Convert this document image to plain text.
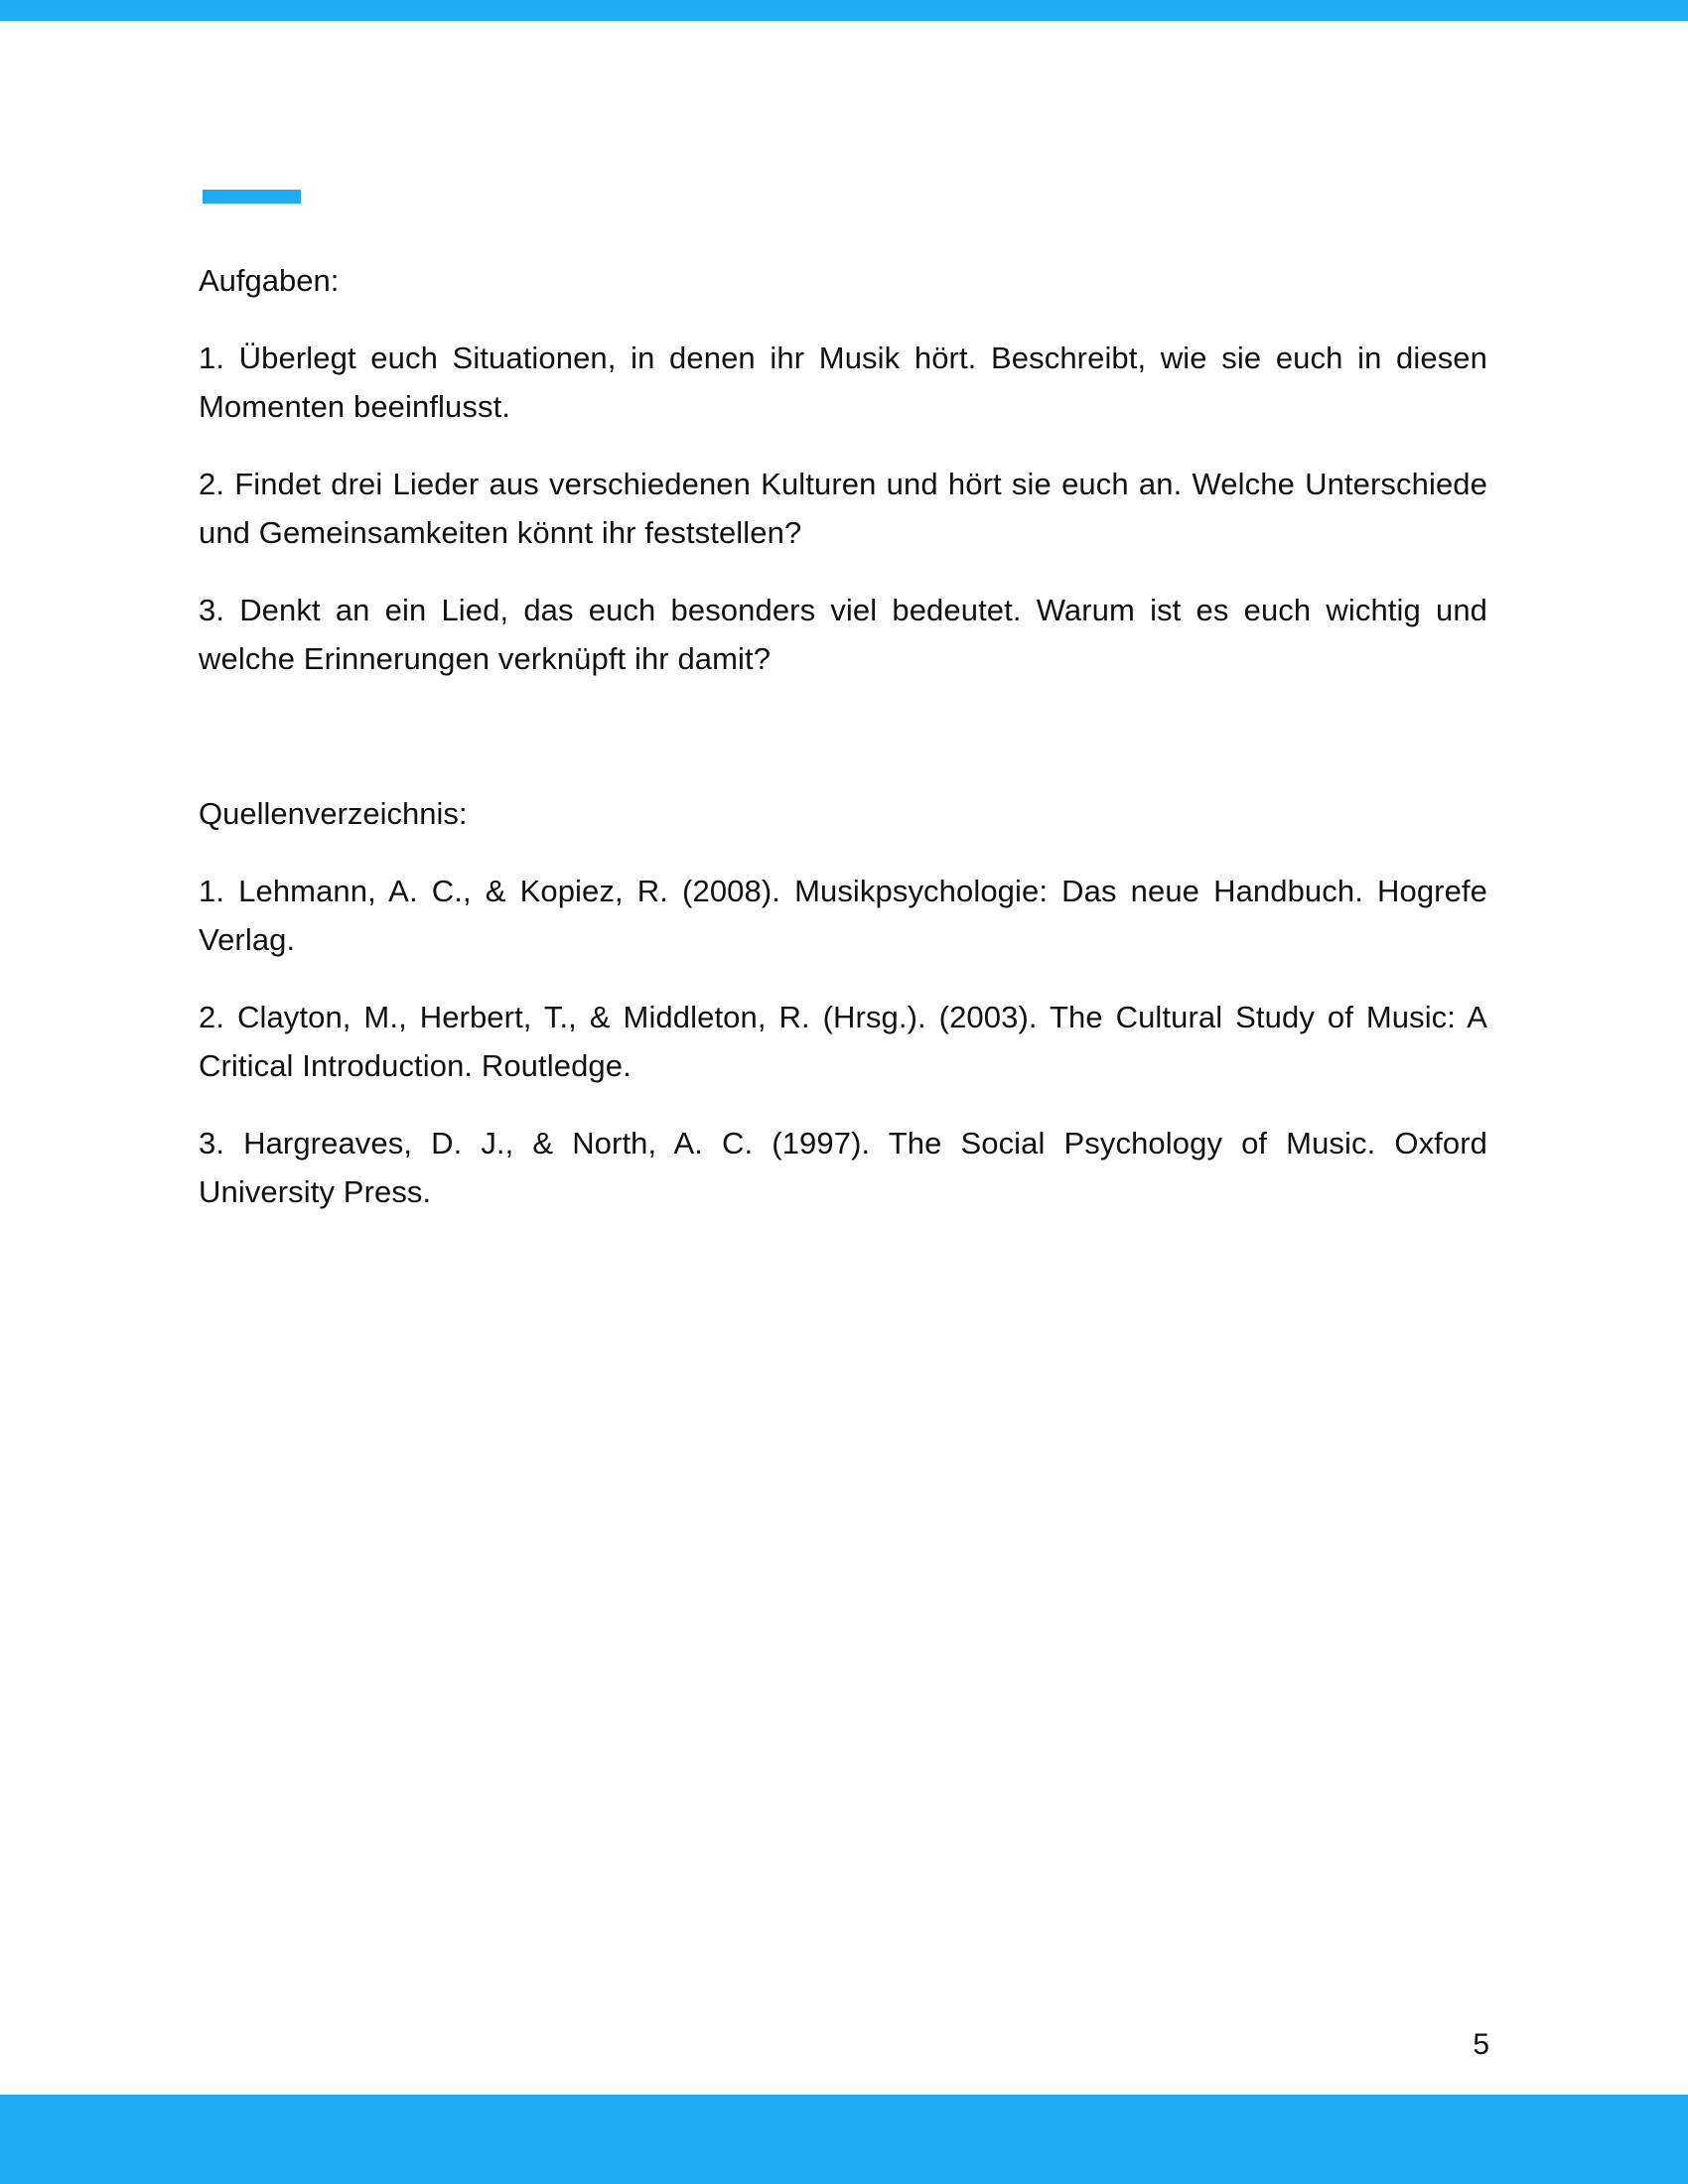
Aufgaben:

1. Überlegt euch Situationen, in denen ihr Musik hört. Beschreibt, wie sie euch in diesen Momenten beeinflusst.

2. Findet drei Lieder aus verschiedenen Kulturen und hört sie euch an. Welche Unterschiede und Gemeinsamkeiten könnt ihr feststellen?

3. Denkt an ein Lied, das euch besonders viel bedeutet. Warum ist es euch wichtig und welche Erinnerungen verknüpft ihr damit?

Quellenverzeichnis:

1. Lehmann, A. C., & Kopiez, R. (2008). Musikpsychologie: Das neue Handbuch. Hogrefe Verlag.

2. Clayton, M., Herbert, T., & Middleton, R. (Hrsg.). (2003). The Cultural Study of Music: A Critical Introduction. Routledge.

3. Hargreaves, D. J., & North, A. C. (1997). The Social Psychology of Music. Oxford University Press.

5
